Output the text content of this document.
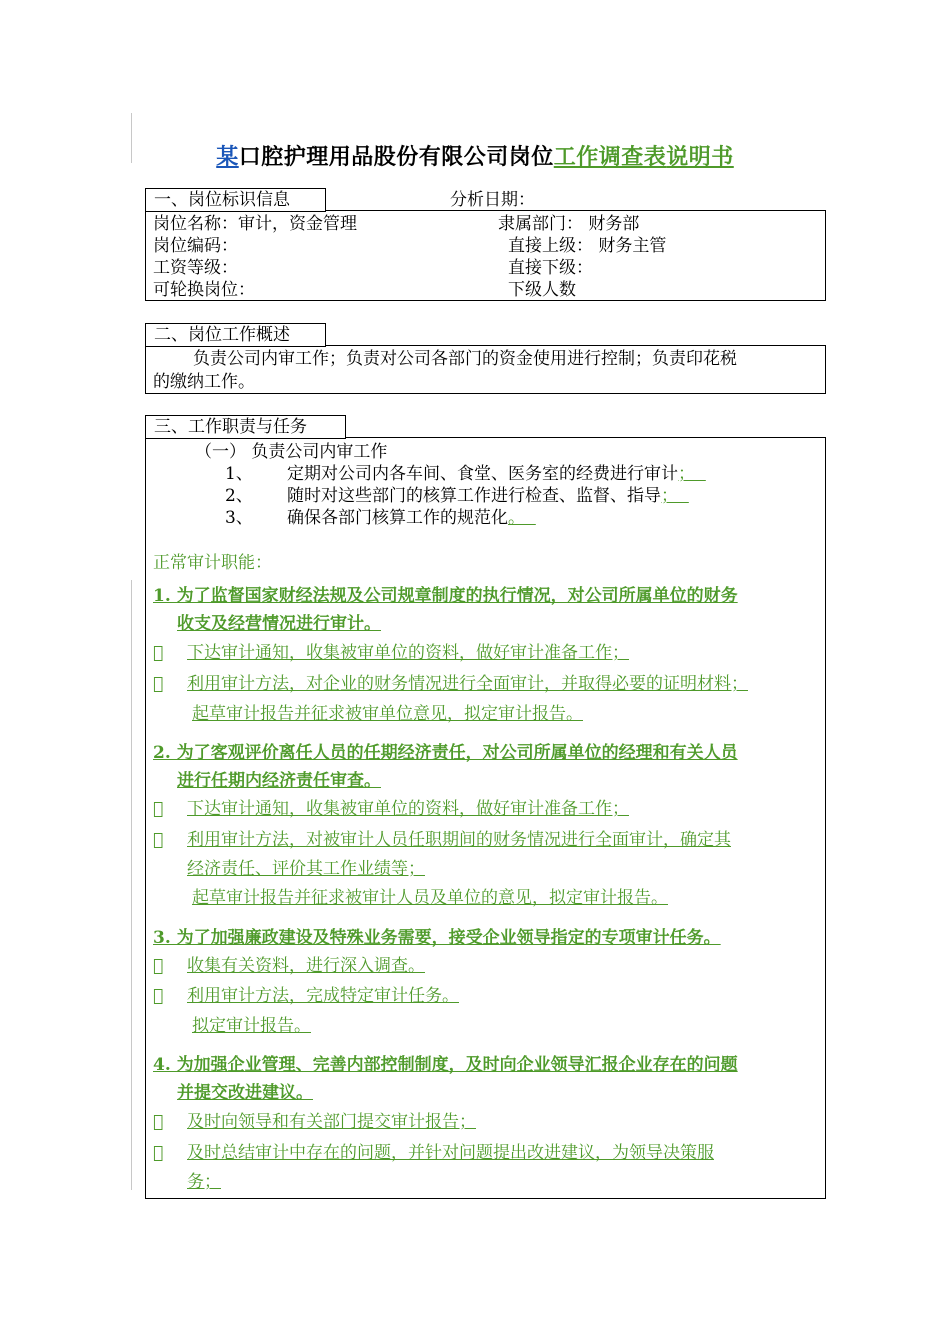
某口腔护理用品股份有限公司岗位工作调查表说明书
一、岗位标识信息	分析日期：
岗位名称：审计，资金管理	隶属部门： 财务部
岗位编码：	直接上级： 财务主管
工资等级：	直接下级：
可轮换岗位：	下级人数
二、岗位工作概述
负责公司内审工作；负责对公司各部门的资金使用进行控制；负责印花税
的缴纳工作。
三、工作职责与任务
（一） 负责公司内审工作
1、 定期对公司内各车间、食堂、医务室的经费进行审计；
2、 随时对这些部门的核算工作进行检查、监督、指导；
3、 确保各部门核算工作的规范化。
正常审计职能：
1. 为了监督国家财经法规及公司规章制度的执行情况，对公司所属单位的财务
收支及经营情况进行审计。
下达审计通知，收集被审单位的资料，做好审计准备工作；
利用审计方法，对企业的财务情况进行全面审计，并取得必要的证明材料；
起草审计报告并征求被审单位意见，拟定审计报告。
2. 为了客观评价离任人员的任期经济责任，对公司所属单位的经理和有关人员
进行任期内经济责任审查。
下达审计通知，收集被审单位的资料，做好审计准备工作；
利用审计方法，对被审计人员任职期间的财务情况进行全面审计，确定其
经济责任、评价其工作业绩等；
起草审计报告并征求被审计人员及单位的意见，拟定审计报告。
3. 为了加强廉政建设及特殊业务需要，接受企业领导指定的专项审计任务。
收集有关资料，进行深入调查。
利用审计方法，完成特定审计任务。
拟定审计报告。
4. 为加强企业管理、完善内部控制制度，及时向企业领导汇报企业存在的问题
并提交改进建议。
及时向领导和有关部门提交审计报告；
及时总结审计中存在的问题，并针对问题提出改进建议，为领导决策服
务；
